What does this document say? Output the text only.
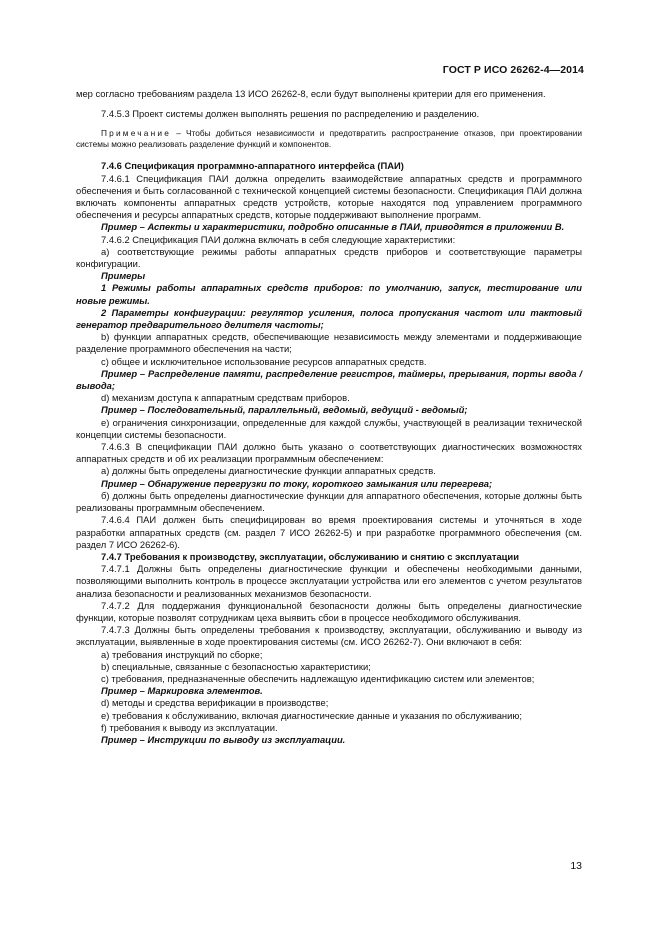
ГОСТ Р ИСО 26262-4—2014

мер согласно требованиям раздела 13 ИСО 26262-8, если будут выполнены критерии для его применения.

7.4.5.3 Проект системы должен выполнять решения по распределению и разделению.

Примечание – Чтобы добиться независимости и предотвратить распространение отказов, при проектировании системы можно реализовать разделение функций и компонентов.

7.4.6 Спецификация программно-аппаратного интерфейса (ПАИ)

7.4.6.1 Спецификация ПАИ должна определить взаимодействие аппаратных средств и программного обеспечения и быть согласованной с технической концепцией системы безопасности. Спецификация ПАИ должна включать компоненты аппаратных средств устройств, которые находятся под управлением программного обеспечения и ресурсы аппаратных средств, которые поддерживают выполнение программ.

Пример – Аспекты и характеристики, подробно описанные в ПАИ, приводятся в приложении В.

7.4.6.2 Спецификация ПАИ должна включать в себя следующие характеристики:

а) соответствующие режимы работы аппаратных средств приборов и соответствующие параметры конфигурации.

Примеры

1 Режимы работы аппаратных средств приборов: по умолчанию, запуск, тестирование или новые режимы.

2 Параметры конфигурации: регулятор усиления, полоса пропускания частот или тактовый генератор предварительного делителя частоты;

b) функции аппаратных средств, обеспечивающие независимость между элементами и поддерживающие разделение программного обеспечения на части;

с) общее и исключительное использование ресурсов аппаратных средств.

Пример – Распределение памяти, распределение регистров, таймеры, прерывания, порты ввода / вывода;

d) механизм доступа к аппаратным средствам приборов.

Пример – Последовательный, параллельный, ведомый, ведущий - ведомый;

е) ограничения синхронизации, определенные для каждой службы, участвующей в реализации технической концепции системы безопасности.

7.4.6.3 В спецификации ПАИ должно быть указано о соответствующих диагностических возможностях аппаратных средств и об их реализации программным обеспечением:

а) должны быть определены диагностические функции аппаратных средств.

Пример – Обнаружение перегрузки по току, короткого замыкания или перегрева;

б) должны быть определены диагностические функции для аппаратного обеспечения, которые должны быть реализованы программным обеспечением.

7.4.6.4 ПАИ должен быть специфицирован во время проектирования системы и уточняться в ходе разработки аппаратных средств (см. раздел 7 ИСО 26262-5) и при разработке программного обеспечения (см. раздел 7 ИСО 26262-6).

7.4.7 Требования к производству, эксплуатации, обслуживанию и снятию с эксплуатации

7.4.7.1 Должны быть определены диагностические функции и обеспечены необходимыми данными, позволяющими выполнить контроль в процессе эксплуатации устройства или его элементов с учетом результатов анализа безопасности и реализованных механизмов безопасности.

7.4.7.2 Для поддержания функциональной безопасности должны быть определены диагностические функции, которые позволят сотрудникам цеха выявить сбои в процессе необходимого обслуживания.

7.4.7.3 Должны быть определены требования к производству, эксплуатации, обслуживанию и выводу из эксплуатации, выявленные в ходе проектирования системы (см. ИСО 26262-7). Они включают в себя:

а) требования инструкций по сборке;

b) специальные, связанные с безопасностью характеристики;

с) требования, предназначенные обеспечить надлежащую идентификацию систем или элементов;

Пример – Маркировка элементов.

d) методы и средства верификации в производстве;

е) требования к обслуживанию, включая диагностические данные и указания по обслуживанию;

f) требования к выводу из эксплуатации.

Пример – Инструкции по выводу из эксплуатации.

13
